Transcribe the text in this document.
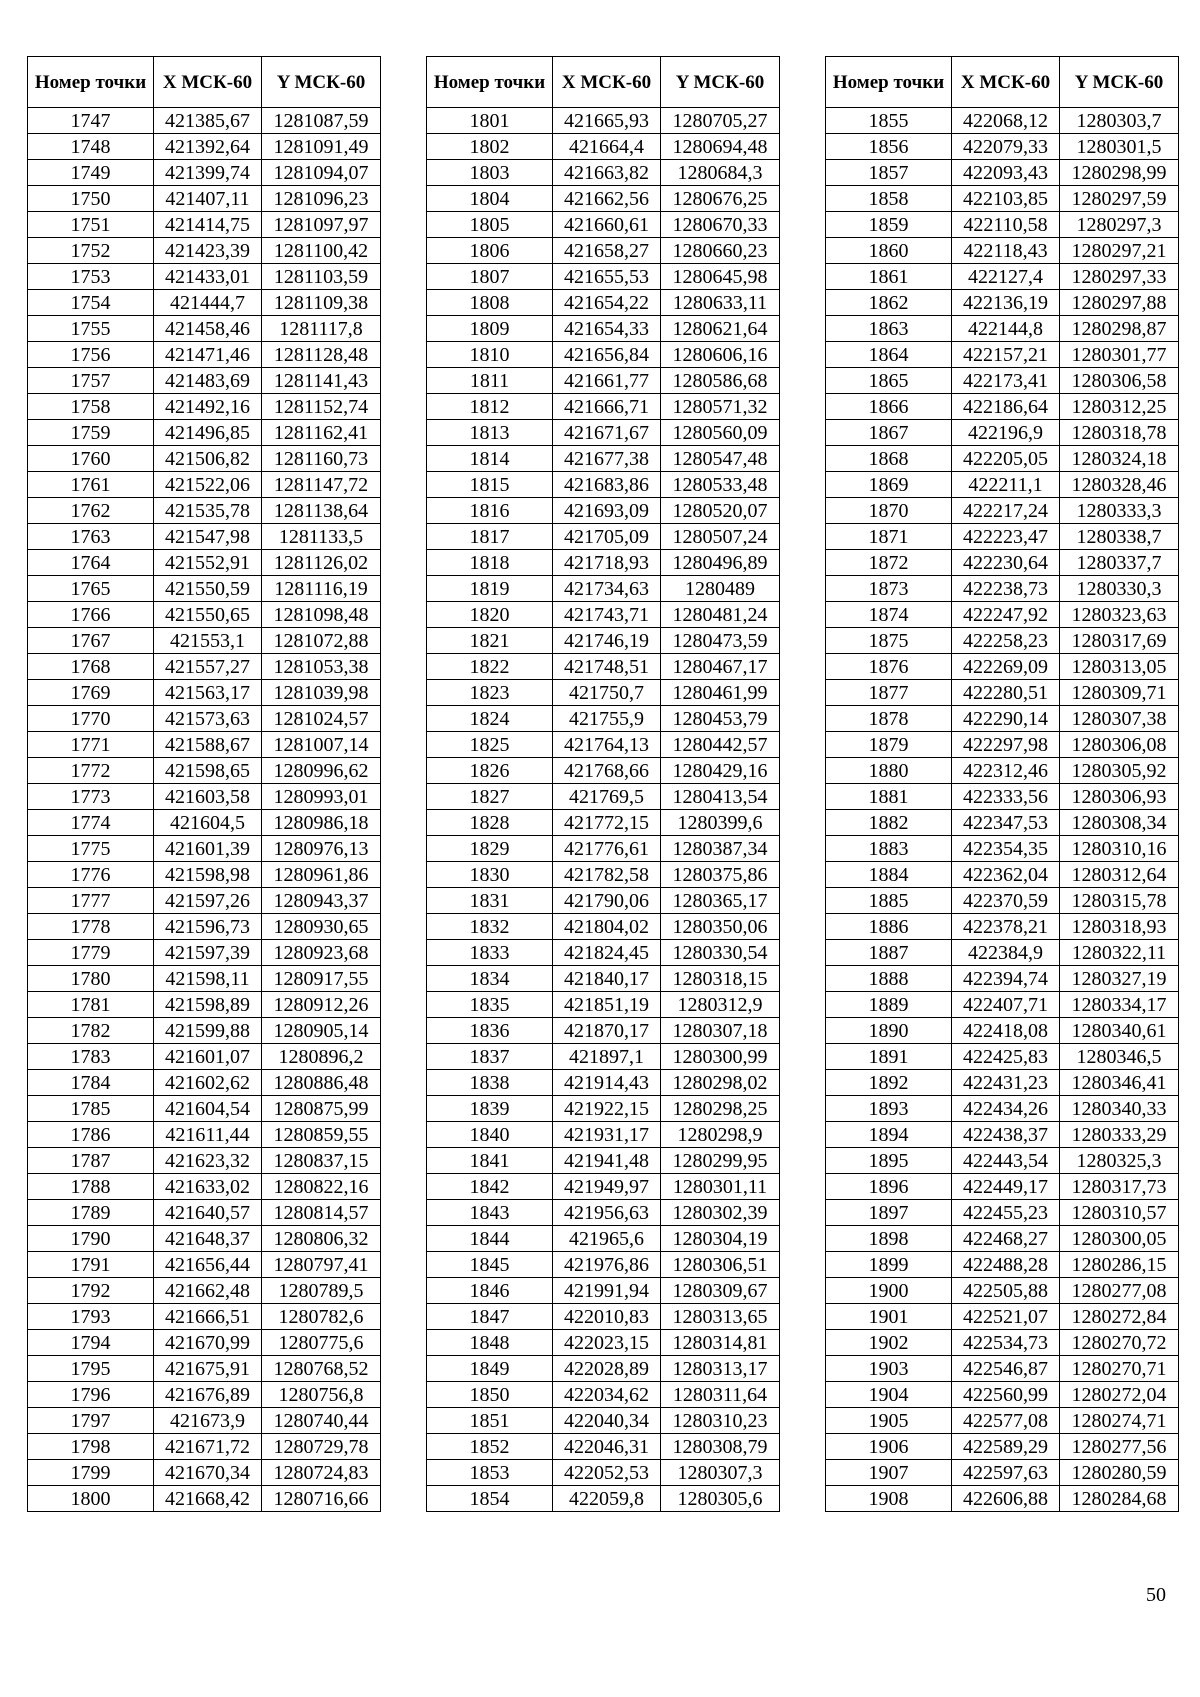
Номер точки	X МСК-60	Y МСК-60
1747	421385,67	1281087,59
1748	421392,64	1281091,49
1749	421399,74	1281094,07
1750	421407,11	1281096,23
1751	421414,75	1281097,97
1752	421423,39	1281100,42
1753	421433,01	1281103,59
1754	421444,7	1281109,38
1755	421458,46	1281117,8
1756	421471,46	1281128,48
1757	421483,69	1281141,43
1758	421492,16	1281152,74
1759	421496,85	1281162,41
1760	421506,82	1281160,73
1761	421522,06	1281147,72
1762	421535,78	1281138,64
1763	421547,98	1281133,5
1764	421552,91	1281126,02
1765	421550,59	1281116,19
1766	421550,65	1281098,48
1767	421553,1	1281072,88
1768	421557,27	1281053,38
1769	421563,17	1281039,98
1770	421573,63	1281024,57
1771	421588,67	1281007,14
1772	421598,65	1280996,62
1773	421603,58	1280993,01
1774	421604,5	1280986,18
1775	421601,39	1280976,13
1776	421598,98	1280961,86
1777	421597,26	1280943,37
1778	421596,73	1280930,65
1779	421597,39	1280923,68
1780	421598,11	1280917,55
1781	421598,89	1280912,26
1782	421599,88	1280905,14
1783	421601,07	1280896,2
1784	421602,62	1280886,48
1785	421604,54	1280875,99
1786	421611,44	1280859,55
1787	421623,32	1280837,15
1788	421633,02	1280822,16
1789	421640,57	1280814,57
1790	421648,37	1280806,32
1791	421656,44	1280797,41
1792	421662,48	1280789,5
1793	421666,51	1280782,6
1794	421670,99	1280775,6
1795	421675,91	1280768,52
1796	421676,89	1280756,8
1797	421673,9	1280740,44
1798	421671,72	1280729,78
1799	421670,34	1280724,83
1800	421668,42	1280716,66
Номер точки	X МСК-60	Y МСК-60
1801	421665,93	1280705,27
1802	421664,4	1280694,48
1803	421663,82	1280684,3
1804	421662,56	1280676,25
1805	421660,61	1280670,33
1806	421658,27	1280660,23
1807	421655,53	1280645,98
1808	421654,22	1280633,11
1809	421654,33	1280621,64
1810	421656,84	1280606,16
1811	421661,77	1280586,68
1812	421666,71	1280571,32
1813	421671,67	1280560,09
1814	421677,38	1280547,48
1815	421683,86	1280533,48
1816	421693,09	1280520,07
1817	421705,09	1280507,24
1818	421718,93	1280496,89
1819	421734,63	1280489
1820	421743,71	1280481,24
1821	421746,19	1280473,59
1822	421748,51	1280467,17
1823	421750,7	1280461,99
1824	421755,9	1280453,79
1825	421764,13	1280442,57
1826	421768,66	1280429,16
1827	421769,5	1280413,54
1828	421772,15	1280399,6
1829	421776,61	1280387,34
1830	421782,58	1280375,86
1831	421790,06	1280365,17
1832	421804,02	1280350,06
1833	421824,45	1280330,54
1834	421840,17	1280318,15
1835	421851,19	1280312,9
1836	421870,17	1280307,18
1837	421897,1	1280300,99
1838	421914,43	1280298,02
1839	421922,15	1280298,25
1840	421931,17	1280298,9
1841	421941,48	1280299,95
1842	421949,97	1280301,11
1843	421956,63	1280302,39
1844	421965,6	1280304,19
1845	421976,86	1280306,51
1846	421991,94	1280309,67
1847	422010,83	1280313,65
1848	422023,15	1280314,81
1849	422028,89	1280313,17
1850	422034,62	1280311,64
1851	422040,34	1280310,23
1852	422046,31	1280308,79
1853	422052,53	1280307,3
1854	422059,8	1280305,6
Номер точки	X МСК-60	Y МСК-60
1855	422068,12	1280303,7
1856	422079,33	1280301,5
1857	422093,43	1280298,99
1858	422103,85	1280297,59
1859	422110,58	1280297,3
1860	422118,43	1280297,21
1861	422127,4	1280297,33
1862	422136,19	1280297,88
1863	422144,8	1280298,87
1864	422157,21	1280301,77
1865	422173,41	1280306,58
1866	422186,64	1280312,25
1867	422196,9	1280318,78
1868	422205,05	1280324,18
1869	422211,1	1280328,46
1870	422217,24	1280333,3
1871	422223,47	1280338,7
1872	422230,64	1280337,7
1873	422238,73	1280330,3
1874	422247,92	1280323,63
1875	422258,23	1280317,69
1876	422269,09	1280313,05
1877	422280,51	1280309,71
1878	422290,14	1280307,38
1879	422297,98	1280306,08
1880	422312,46	1280305,92
1881	422333,56	1280306,93
1882	422347,53	1280308,34
1883	422354,35	1280310,16
1884	422362,04	1280312,64
1885	422370,59	1280315,78
1886	422378,21	1280318,93
1887	422384,9	1280322,11
1888	422394,74	1280327,19
1889	422407,71	1280334,17
1890	422418,08	1280340,61
1891	422425,83	1280346,5
1892	422431,23	1280346,41
1893	422434,26	1280340,33
1894	422438,37	1280333,29
1895	422443,54	1280325,3
1896	422449,17	1280317,73
1897	422455,23	1280310,57
1898	422468,27	1280300,05
1899	422488,28	1280286,15
1900	422505,88	1280277,08
1901	422521,07	1280272,84
1902	422534,73	1280270,72
1903	422546,87	1280270,71
1904	422560,99	1280272,04
1905	422577,08	1280274,71
1906	422589,29	1280277,56
1907	422597,63	1280280,59
1908	422606,88	1280284,68
50
